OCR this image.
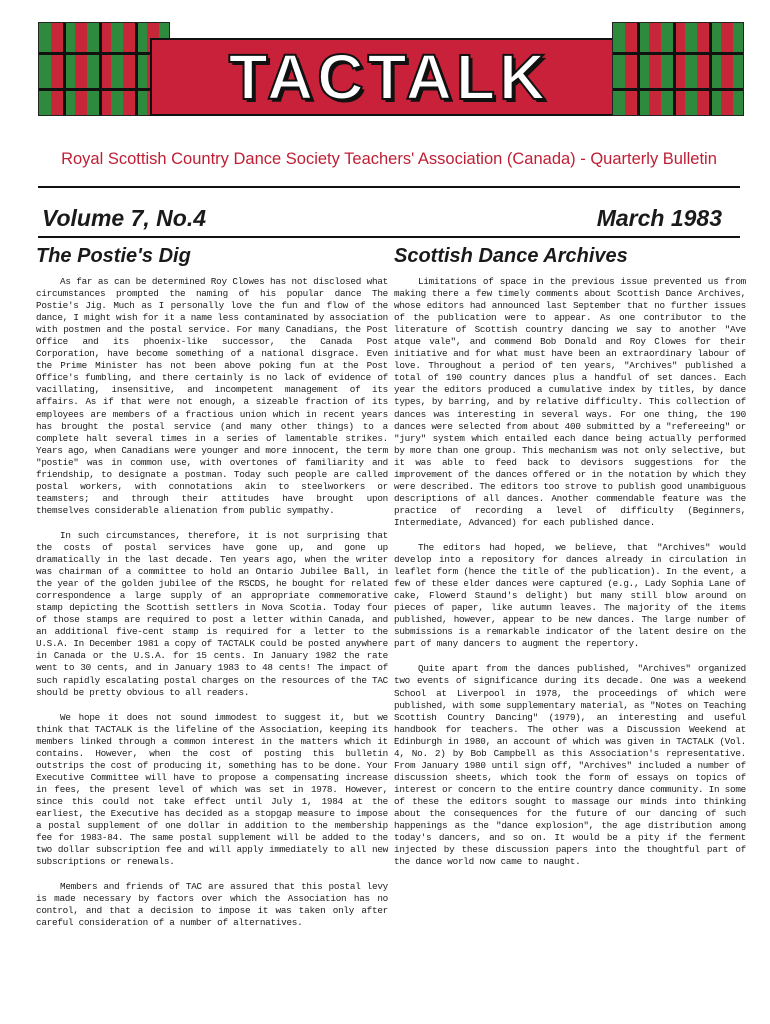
TACTALK
Royal Scottish Country Dance Society Teachers' Association (Canada) - Quarterly Bulletin
Volume 7, No.4	March 1983
The Postie's Dig

As far as can be determined Roy Clowes has not disclosed what circumstances prompted the naming of his popular dance The Postie's Jig. Much as I personally love the fun and flow of the dance, I might wish for it a name less contaminated by association with postmen and the postal service. For many Canadians, the Post Office and its phoenix-like successor, the Canada Post Corporation, have become something of a national disgrace. Even the Prime Minister has not been above poking fun at the Post Office's fumbling, and there certainly is no lack of evidence of vacillating, insensitive, and incompetent management of its affairs. As if that were not enough, a sizeable fraction of its employees are members of a fractious union which in recent years has brought the postal service (and many other things) to a complete halt several times in a series of lamentable strikes. Years ago, when Canadians were younger and more innocent, the term "postie" was in common use, with overtones of familiarity and friendship, to designate a postman. Today such people are called postal workers, with connotations akin to steelworkers or teamsters; and through their attitudes have brought upon themselves considerable alienation from public sympathy.

In such circumstances, therefore, it is not surprising that the costs of postal services have gone up, and gone up dramatically in the last decade. Ten years ago, when the writer was chairman of a committee to hold an Ontario Jubilee Ball, in the year of the golden jubilee of the RSCDS, he bought for related correspondence a large supply of an appropriate commemorative stamp depicting the Scottish settlers in Nova Scotia. Today four of those stamps are required to post a letter within Canada, and an additional five-cent stamp is required for a letter to the U.S.A. In December 1981 a copy of TACTALK could be posted anywhere in Canada or the U.S.A. for 15 cents. In January 1982 the rate went to 30 cents, and in January 1983 to 48 cents! The impact of such rapidly escalating postal charges on the resources of the TAC should be pretty obvious to all readers.

We hope it does not sound immodest to suggest it, but we think that TACTALK is the lifeline of the Association, keeping its members linked through a common interest in the matters which it contains. However, when the cost of posting this bulletin outstrips the cost of producing it, something has to be done. Your Executive Committee will have to propose a compensating increase in fees, the present level of which was set in 1978. However, since this could not take effect until July 1, 1984 at the earliest, the Executive has decided as a stopgap measure to impose a postal supplement of one dollar in addition to the membership fee for 1983-84. The same postal supplement will be added to the two dollar subscription fee and will apply immediately to all new subscriptions or renewals.

Members and friends of TAC are assured that this postal levy is made necessary by factors over which the Association has no control, and that a decision to impose it was taken only after careful consideration of a number of alternatives.

Scottish Dance Archives

Limitations of space in the previous issue prevented us from making there a few timely comments about Scottish Dance Archives, whose editors had announced last September that no further issues of the publication were to appear. As one contributor to the literature of Scottish country dancing we say to another "Ave atque vale", and commend Bob Donald and Roy Clowes for their initiative and for what must have been an extraordinary labour of love. Throughout a period of ten years, "Archives" published a total of 190 country dances plus a handful of set dances. Each year the editors produced a cumulative index by titles, by dance types, by barring, and by relative difficulty. This collection of dances was interesting in several ways. For one thing, the 190 dances were selected from about 400 submitted by a "refereeing" or "jury" system which entailed each dance being actually performed by more than one group. This mechanism was not only selective, but it was able to feed back to devisors suggestions for the improvement of the dances offered or in the notation by which they were described. The editors too strove to publish good unambiguous descriptions of all dances. Another commendable feature was the practice of recording a level of difficulty (Beginners, Intermediate, Advanced) for each published dance.

The editors had hoped, we believe, that "Archives" would develop into a repository for dances already in circulation in leaflet form (hence the title of the publication). In the event, a few of these elder dances were captured (e.g., Lady Sophia Lane of cake, Flowerd Staund's delight) but many still blow around on pieces of paper, like autumn leaves. The majority of the items published, however, appear to be new dances. The large number of submissions is a remarkable indicator of the latent desire on the part of many dancers to augment the repertory.

Quite apart from the dances published, "Archives" organized two events of significance during its decade. One was a weekend School at Liverpool in 1978, the proceedings of which were published, with some supplementary material, as "Notes on Teaching Scottish Country Dancing" (1979), an interesting and useful handbook for teachers. The other was a Discussion Weekend at Edinburgh in 1980, an account of which was given in TACTALK (Vol. 4, No. 2) by Bob Campbell as this Association's representative. From January 1980 until sign off, "Archives" included a number of discussion sheets, which took the form of essays on topics of interest or concern to the entire country dance community. In some of these the editors sought to massage our minds into thinking about the consequences for the future of our dancing of such happenings as the "dance explosion", the age distribution among today's dancers, and so on. It would be a pity if the ferment injected by these discussion papers into the thoughtful part of the dance world now came to naught.
